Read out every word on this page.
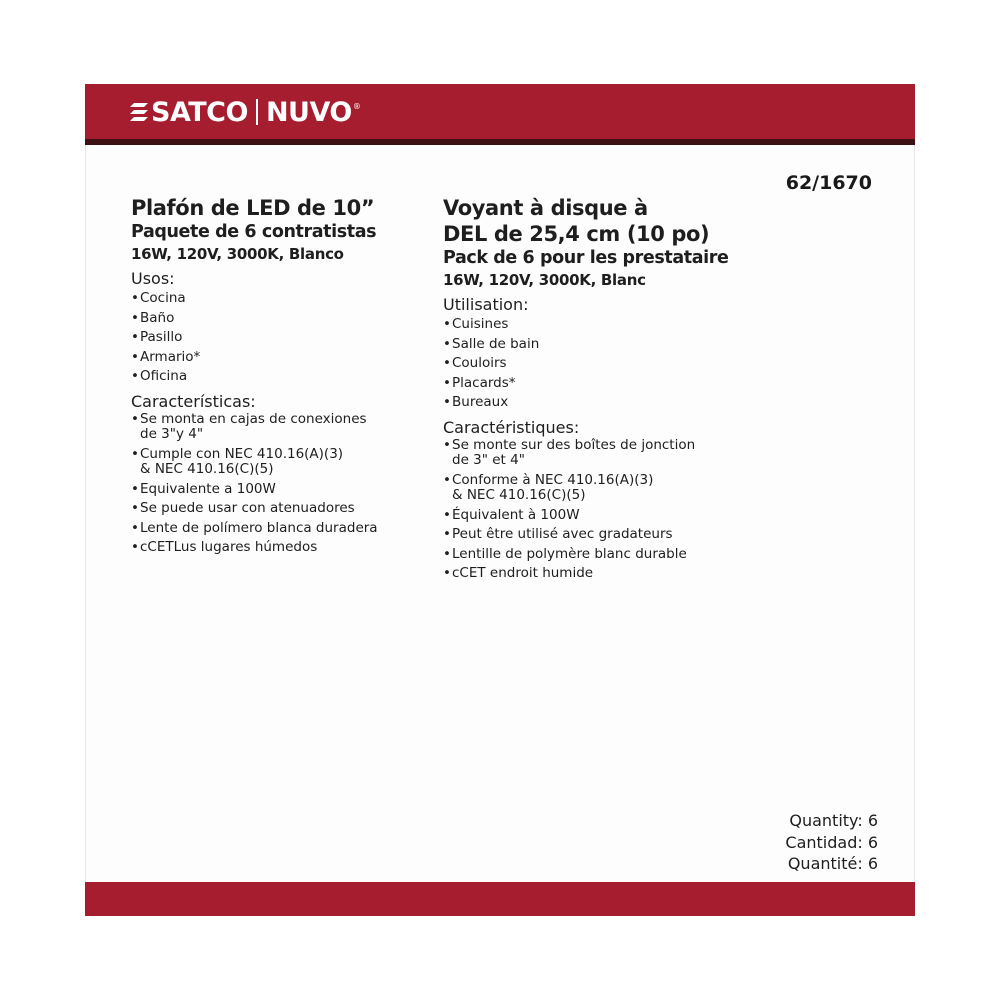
SATCO NUVO ®
62/1670
Plafón de LED de 10”
Paquete de 6 contratistas
16W, 120V, 3000K, Blanco
Usos:
• Cocina
• Baño
• Pasillo
• Armario*
• Oficina
Características:
• Se monta en cajas de conexiones
de 3"y 4"
• Cumple con NEC 410.16(A)(3)
& NEC 410.16(C)(5)
• Equivalente a 100W
• Se puede usar con atenuadores
• Lente de polímero blanca duradera
• cCETLus lugares húmedos
Voyant à disque à
DEL de 25,4 cm (10 po)
Pack de 6 pour les prestataire
16W, 120V, 3000K, Blanc
Utilisation:
• Cuisines
• Salle de bain
• Couloirs
• Placards*
• Bureaux
Caractéristiques:
• Se monte sur des boîtes de jonction
de 3" et 4"
• Conforme à NEC 410.16(A)(3)
& NEC 410.16(C)(5)
• Équivalent à 100W
• Peut être utilisé avec gradateurs
• Lentille de polymère blanc durable
• cCET endroit humide
Quantity: 6
Cantidad: 6
Quantité: 6
